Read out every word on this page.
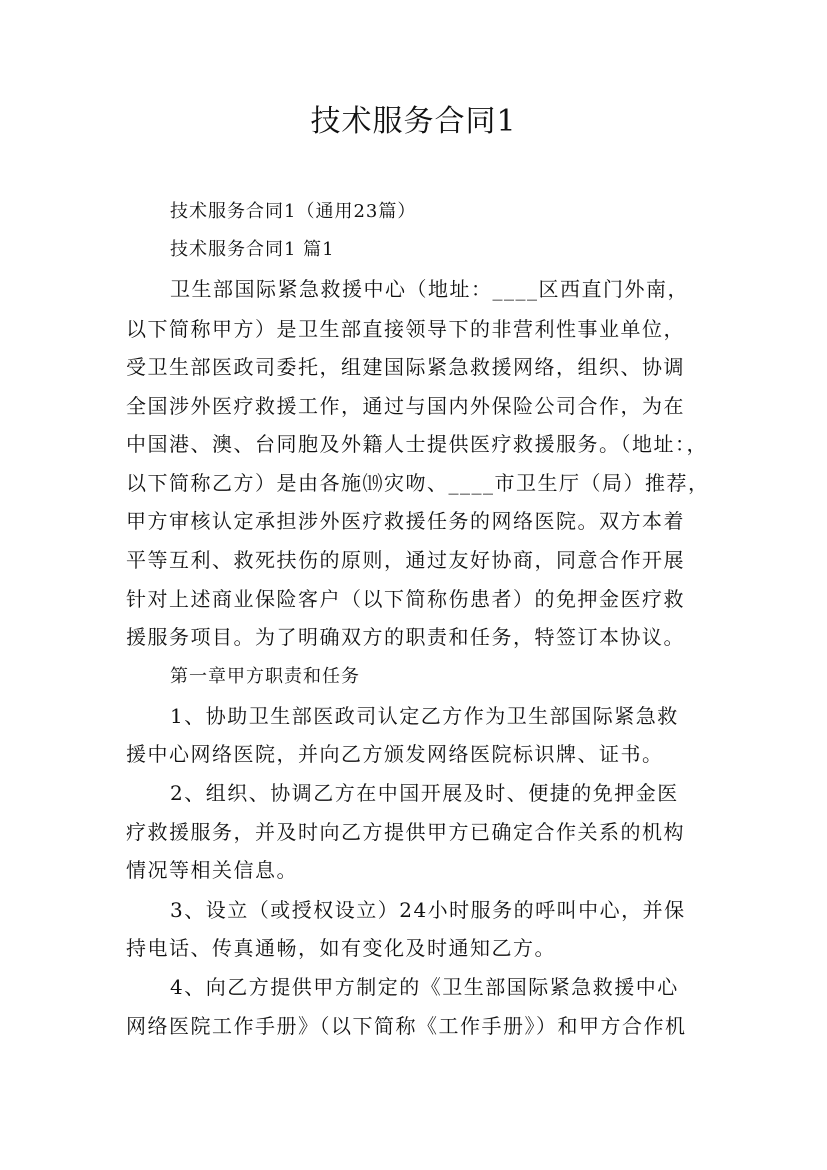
技术服务合同1
技术服务合同1（通用23篇）
技术服务合同1 篇1
卫生部国际紧急救援中心（地址：____区西直门外南，
以下简称甲方）是卫生部直接领导下的非营利性事业单位，
受卫生部医政司委托，组建国际紧急救援网络，组织、协调
全国涉外医疗救援工作，通过与国内外保险公司合作，为在
中国港、澳、台同胞及外籍人士提供医疗救援服务。（地址：，
以下简称乙方）是由各施⒆灾吻、____市卫生厅（局）推荐，
甲方审核认定承担涉外医疗救援任务的网络医院。双方本着
平等互利、救死扶伤的原则，通过友好协商，同意合作开展
针对上述商业保险客户（以下简称伤患者）的免押金医疗救
援服务项目。为了明确双方的职责和任务，特签订本协议。
第一章甲方职责和任务
1、协助卫生部医政司认定乙方作为卫生部国际紧急救
援中心网络医院，并向乙方颁发网络医院标识牌、证书。
2、组织、协调乙方在中国开展及时、便捷的免押金医
疗救援服务，并及时向乙方提供甲方已确定合作关系的机构
情况等相关信息。
3、设立（或授权设立）24小时服务的呼叫中心，并保
持电话、传真通畅，如有变化及时通知乙方。
4、向乙方提供甲方制定的《卫生部国际紧急救援中心
网络医院工作手册》（以下简称《工作手册》）和甲方合作机
